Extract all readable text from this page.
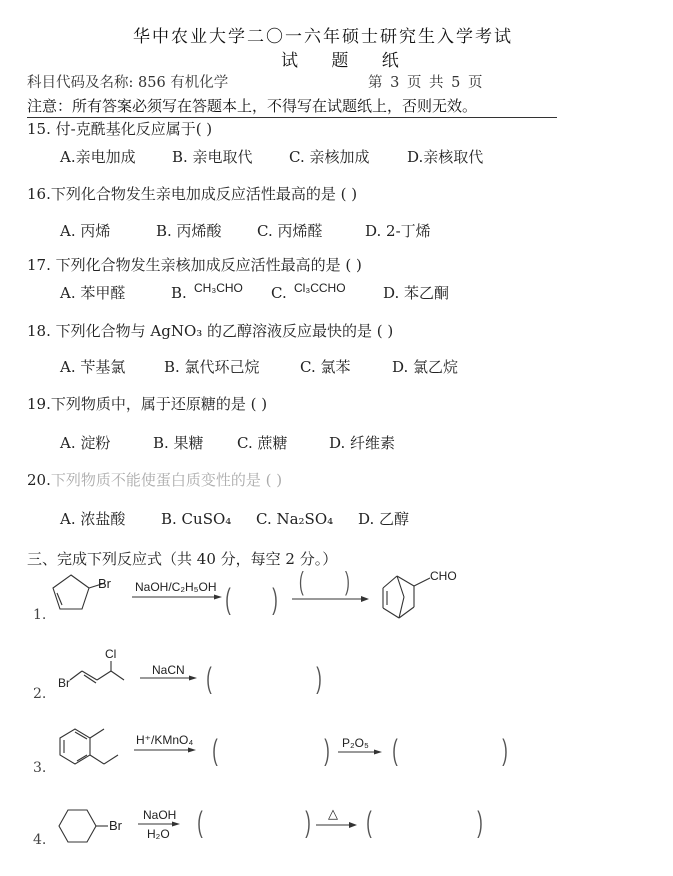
华中农业大学二〇一六年硕士研究生入学考试
试 题 纸
科目代码及名称: 856 有机化学	第 3 页 共 5 页
注意：所有答案必须写在答题本上，不得写在试题纸上，否则无效。
15. 付-克酰基化反应属于( )
A.亲电加成 B. 亲电取代 C. 亲核加成	D.亲核取代
16.下列化合物发生亲电加成反应活性最高的是 ( )
A. 丙烯	B. 丙烯酸 C. 丙烯醛	D. 2-丁烯
17. 下列化合物发生亲核加成反应活性最高的是 ( )
A. 苯甲醛	B. CH₃CHO C. Cl₃CCHO D. 苯乙酮
18. 下列化合物与 AgNO₃ 的乙醇溶液反应最快的是 ( )
A. 苄基氯	B. 氯代环己烷	C. 氯苯	D. 氯乙烷
19.下列物质中，属于还原糖的是 ( )
A. 淀粉	B. 果糖 C. 蔗糖	D. 纤维素
20.下列物质不能使蛋白质变性的是 ( )
A. 浓盐酸 B. CuSO₄ C. Na₂SO₄ D. 乙醇
三、完成下列反应式（共 40 分，每空 2 分。）
1.
Br NaOH/C₂H₅OH ( )
( )	CHO
2.
Br
Cl
NaCN (	)
3.
H⁺/KMnO₄ (	) P₂O₅ (	)
4.
Br
NaOH
H₂O (	) △ (	)
